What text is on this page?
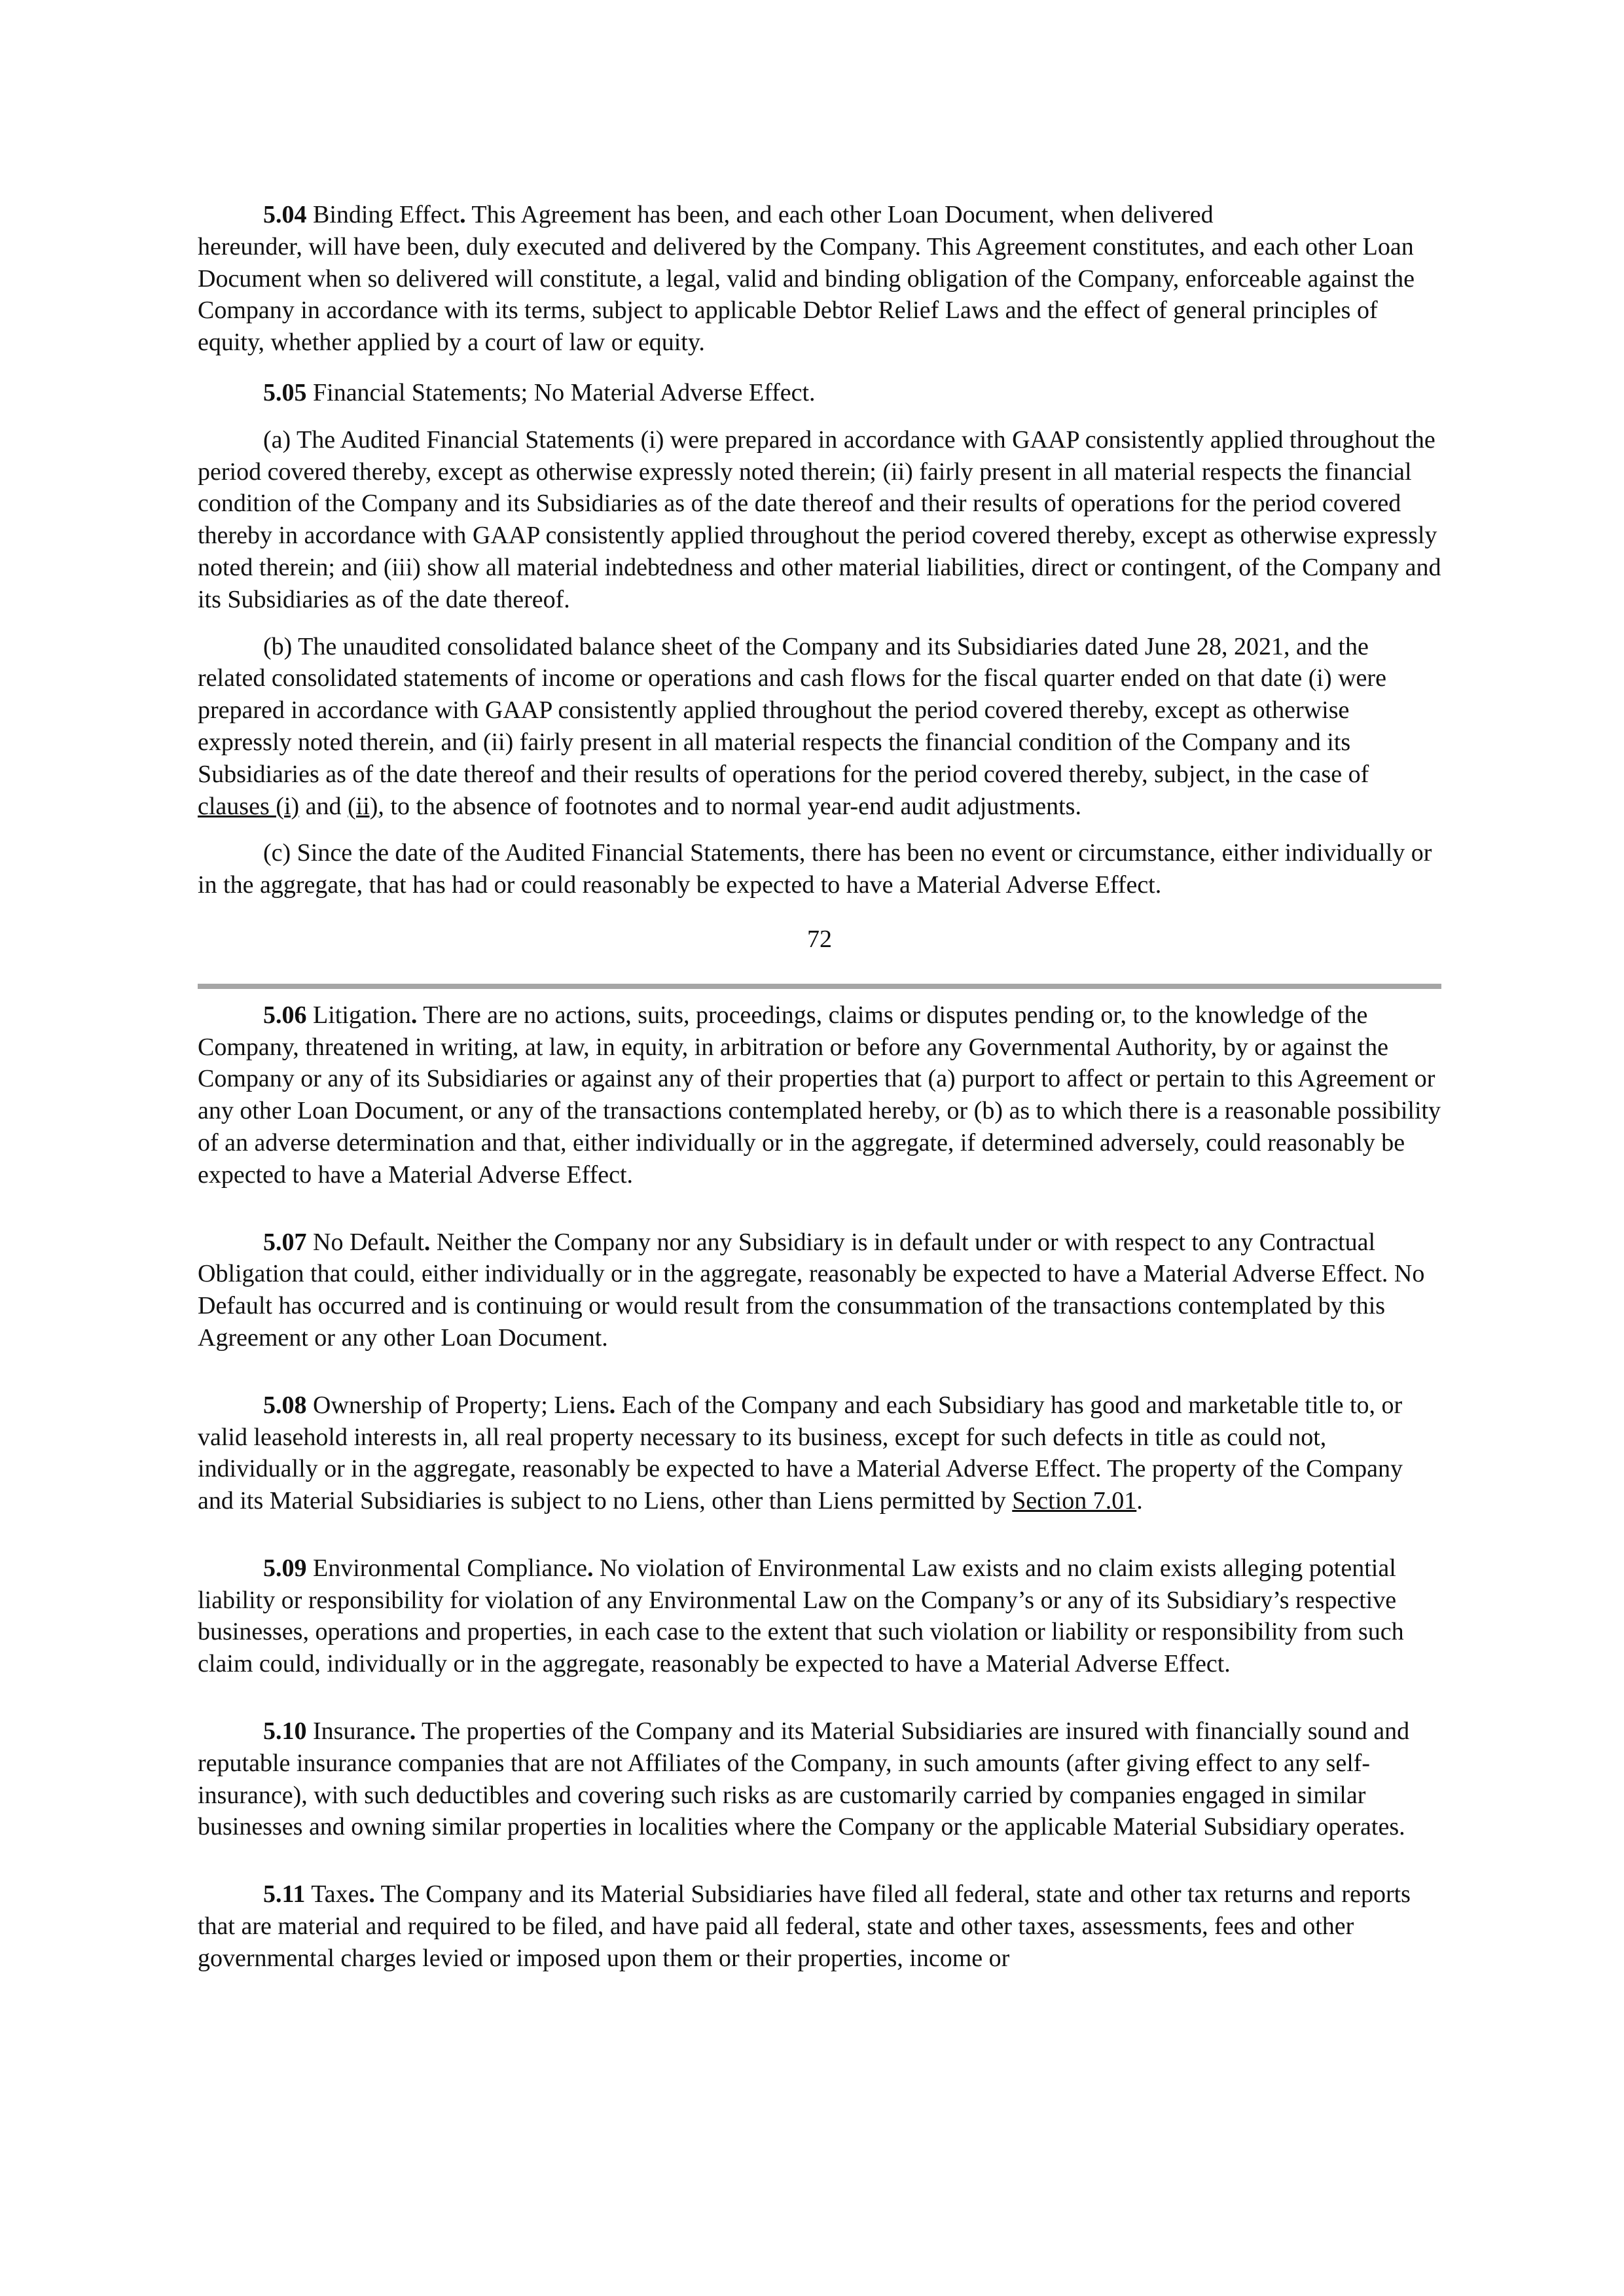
5.04 Binding Effect. This Agreement has been, and each other Loan Document, when delivered
hereunder, will have been, duly executed and delivered by the Company. This Agreement constitutes, and each other Loan Document when so delivered will constitute, a legal, valid and binding obligation of the Company, enforceable against the Company in accordance with its terms, subject to applicable Debtor Relief Laws and the effect of general principles of equity, whether applied by a court of law or equity.

5.05 Financial Statements; No Material Adverse Effect.

(a) The Audited Financial Statements (i) were prepared in accordance with GAAP consistently applied throughout the period covered thereby, except as otherwise expressly noted therein; (ii) fairly present in all material respects the financial condition of the Company and its Subsidiaries as of the date thereof and their results of operations for the period covered thereby in accordance with GAAP consistently applied throughout the period covered thereby, except as otherwise expressly noted therein; and (iii) show all material indebtedness and other material liabilities, direct or contingent, of the Company and its Subsidiaries as of the date thereof.

(b) The unaudited consolidated balance sheet of the Company and its Subsidiaries dated June 28, 2021, and the related consolidated statements of income or operations and cash flows for the fiscal quarter ended on that date (i) were prepared in accordance with GAAP consistently applied throughout the period covered thereby, except as otherwise expressly noted therein, and (ii) fairly present in all material respects the financial condition of the Company and its Subsidiaries as of the date thereof and their results of operations for the period covered thereby, subject, in the case of clauses (i) and (ii), to the absence of footnotes and to normal year-end audit adjustments.

(c) Since the date of the Audited Financial Statements, there has been no event or circumstance, either individually or in the aggregate, that has had or could reasonably be expected to have a Material Adverse Effect.

72

5.06 Litigation. There are no actions, suits, proceedings, claims or disputes pending or, to the knowledge of the Company, threatened in writing, at law, in equity, in arbitration or before any Governmental Authority, by or against the Company or any of its Subsidiaries or against any of their properties that (a) purport to affect or pertain to this Agreement or any other Loan Document, or any of the transactions contemplated hereby, or (b) as to which there is a reasonable possibility of an adverse determination and that, either individually or in the aggregate, if determined adversely, could reasonably be expected to have a Material Adverse Effect.

5.07 No Default. Neither the Company nor any Subsidiary is in default under or with respect to any Contractual Obligation that could, either individually or in the aggregate, reasonably be expected to have a Material Adverse Effect. No Default has occurred and is continuing or would result from the consummation of the transactions contemplated by this Agreement or any other Loan Document.

5.08 Ownership of Property; Liens. Each of the Company and each Subsidiary has good and marketable title to, or valid leasehold interests in, all real property necessary to its business, except for such defects in title as could not, individually or in the aggregate, reasonably be expected to have a Material Adverse Effect. The property of the Company and its Material Subsidiaries is subject to no Liens, other than Liens permitted by Section 7.01.

5.09 Environmental Compliance. No violation of Environmental Law exists and no claim exists alleging potential liability or responsibility for violation of any Environmental Law on the Company’s or any of its Subsidiary’s respective businesses, operations and properties, in each case to the extent that such violation or liability or responsibility from such claim could, individually or in the aggregate, reasonably be expected to have a Material Adverse Effect.

5.10 Insurance. The properties of the Company and its Material Subsidiaries are insured with financially sound and reputable insurance companies that are not Affiliates of the Company, in such amounts (after giving effect to any self-insurance), with such deductibles and covering such risks as are customarily carried by companies engaged in similar businesses and owning similar properties in localities where the Company or the applicable Material Subsidiary operates.

5.11 Taxes. The Company and its Material Subsidiaries have filed all federal, state and other tax returns and reports that are material and required to be filed, and have paid all federal, state and other taxes, assessments, fees and other governmental charges levied or imposed upon them or their properties, income or
